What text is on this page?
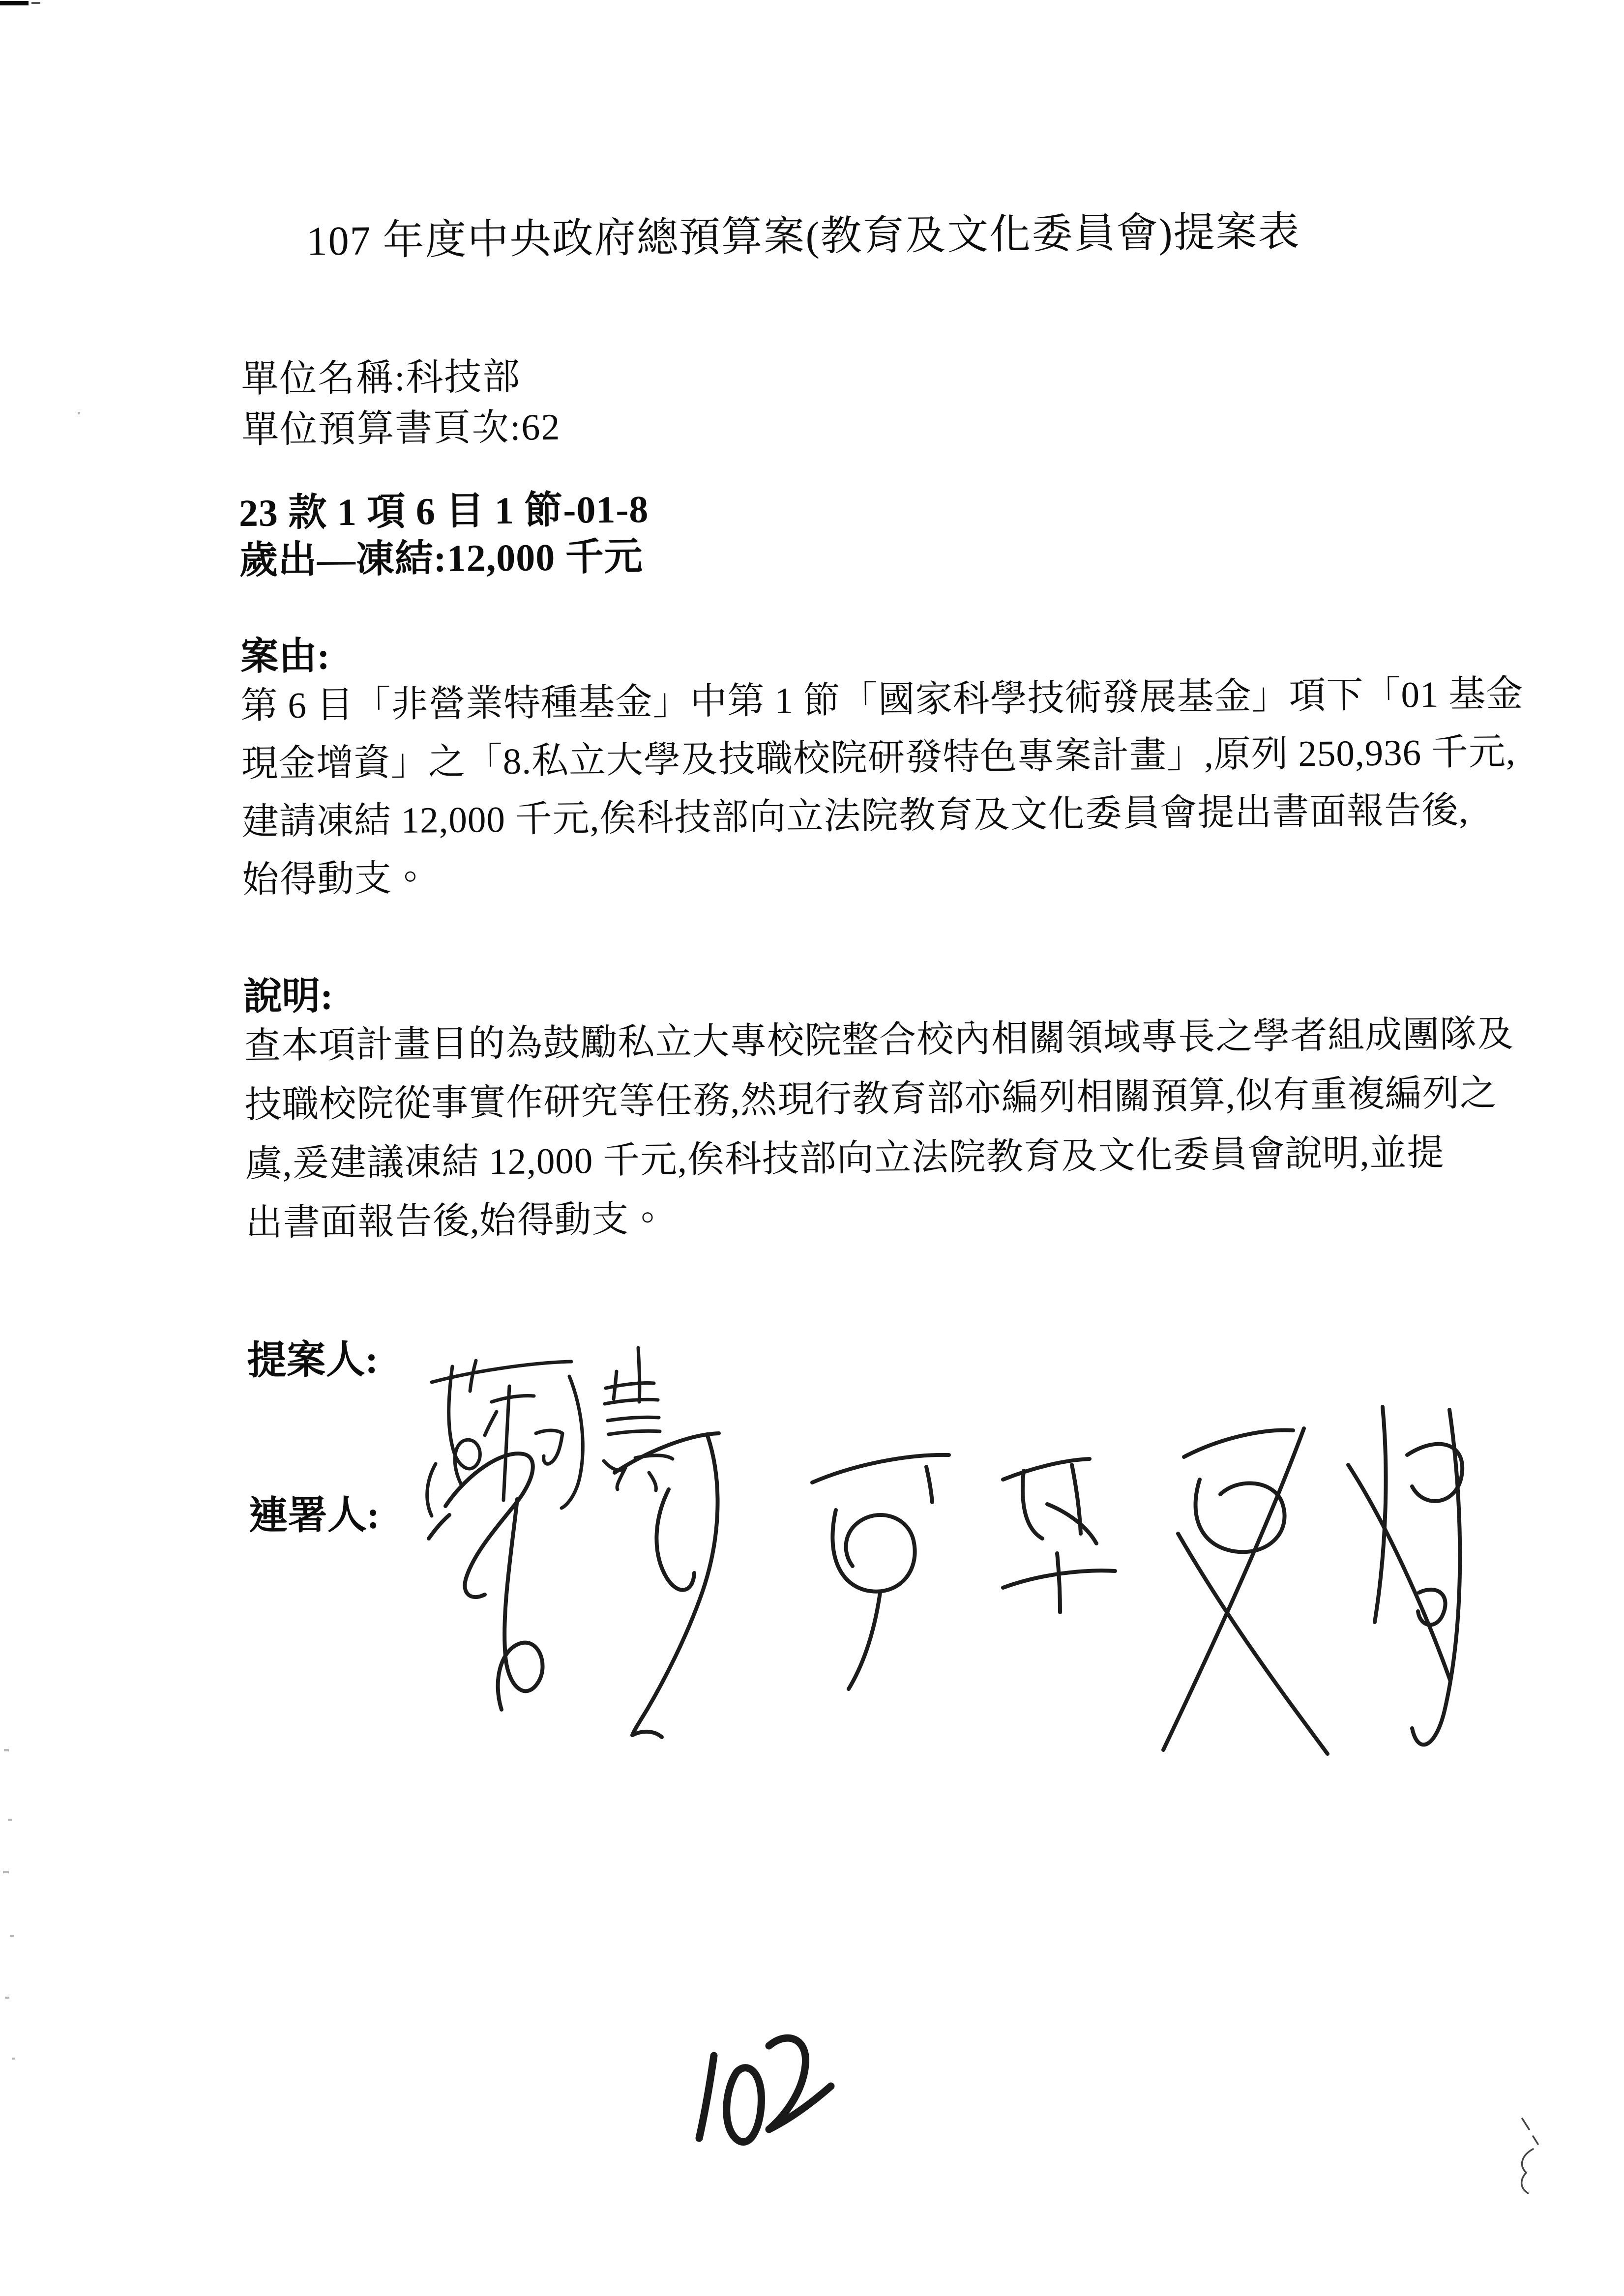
107 年度中央政府總預算案(教育及文化委員會)提案表
單位名稱:科技部
單位預算書頁次:62
23 款 1 項 6 目 1 節-01-8
歲出—凍結:12,000 千元
案由:
第 6 目「非營業特種基金」中第 1 節「國家科學技術發展基金」項下「01 基金
現金增資」之「8.私立大學及技職校院研發特色專案計畫」,原列 250,936 千元,
建請凍結 12,000 千元,俟科技部向立法院教育及文化委員會提出書面報告後,
始得動支。
說明:
查本項計畫目的為鼓勵私立大專校院整合校內相關領域專長之學者組成團隊及
技職校院從事實作研究等任務,然現行教育部亦編列相關預算,似有重複編列之
虞,爰建議凍結 12,000 千元,俟科技部向立法院教育及文化委員會說明,並提
出書面報告後,始得動支。
提案人:
連署人:
